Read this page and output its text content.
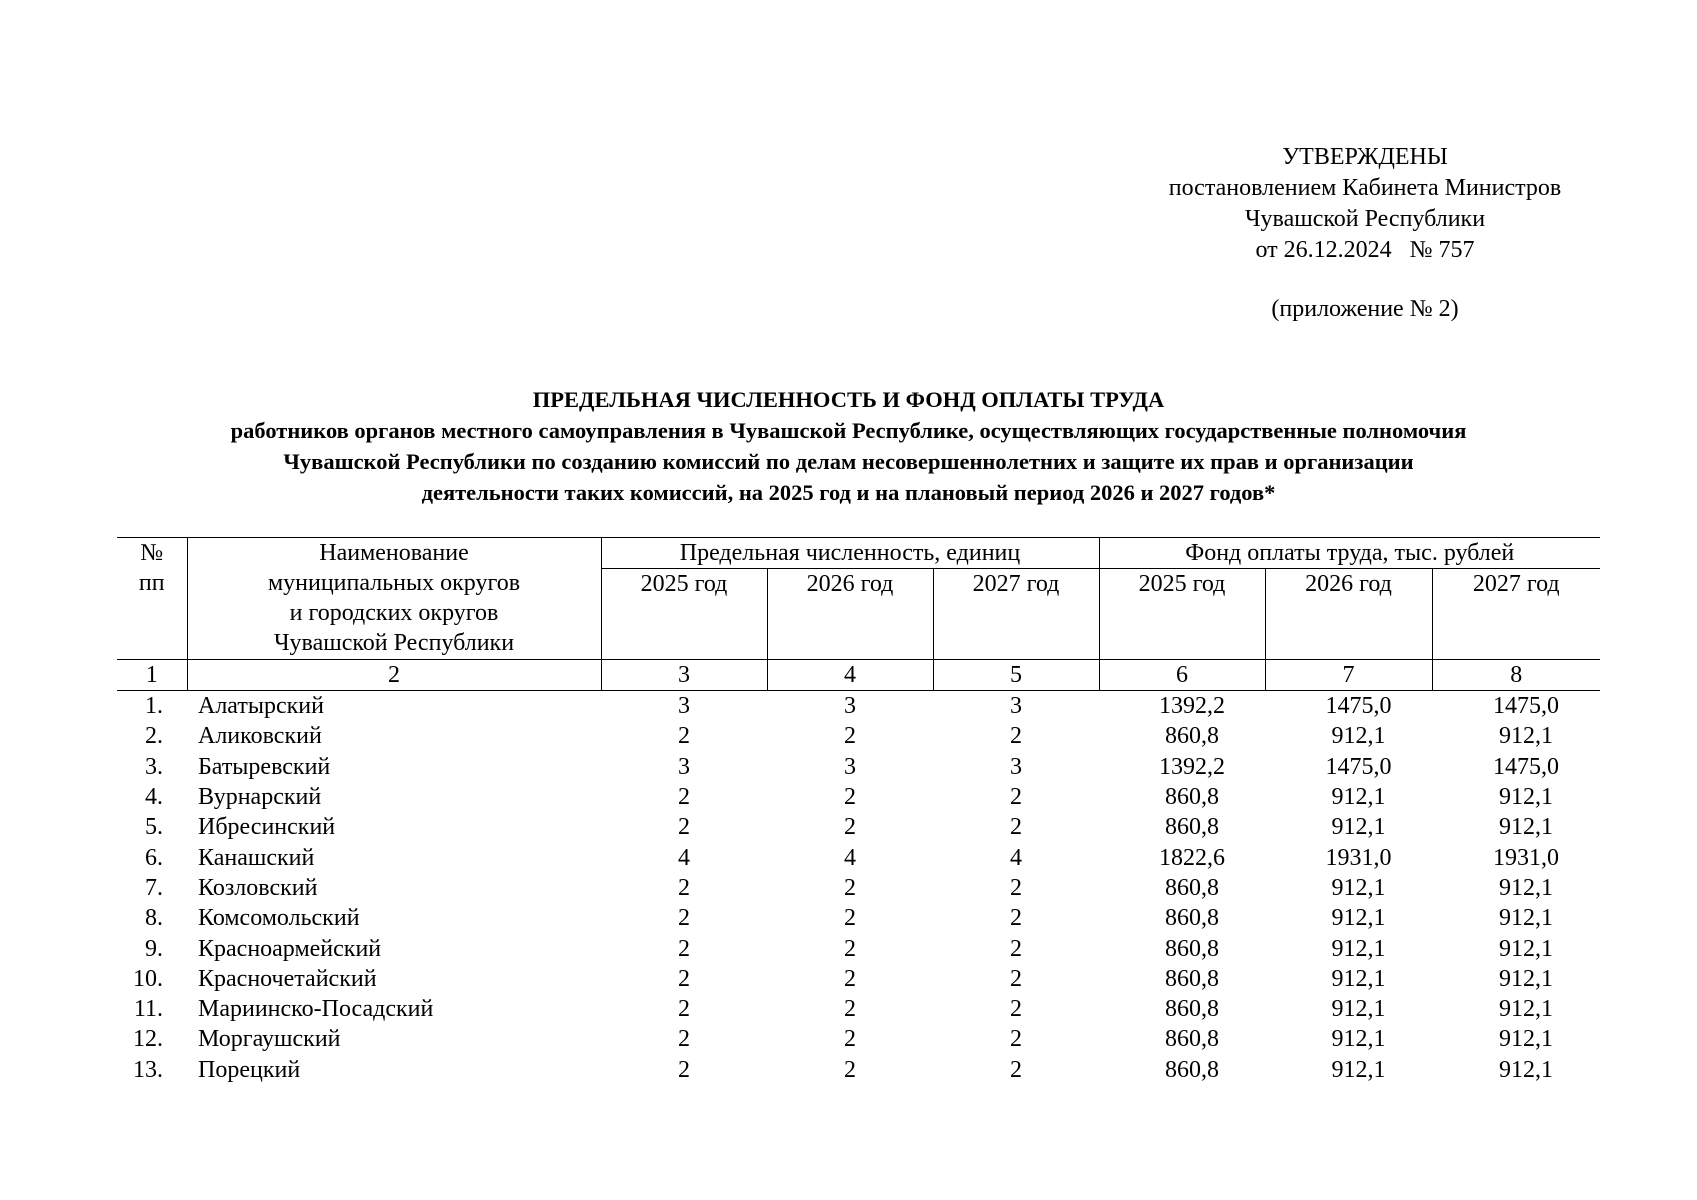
УТВЕРЖДЕНЫ
постановлением Кабинета Министров
Чувашской Республики
от 26.12.2024   № 757
(приложение № 2)
ПРЕДЕЛЬНАЯ ЧИСЛЕННОСТЬ И ФОНД ОПЛАТЫ ТРУДА
работников органов местного самоуправления в Чувашской Республике, осуществляющих государственные полномочия
Чувашской Республики по созданию комиссий по делам несовершеннолетних и защите их прав и организации
деятельности таких комиссий, на 2025 год и на плановый период 2026 и 2027 годов*
№
пп	Наименование
муниципальных округов
и городских округов
Чувашской Республики	Предельная численность, единиц			Фонд оплаты труда, тыс. рублей		
		2025 год	2026 год	2027 год	2025 год	2026 год	2027 год
1	2	3	4	5	6	7	8
1.	Алатырский	3	3	3	1392,2	1475,0	1475,0
2.	Аликовский	2	2	2	860,8	912,1	912,1
3.	Батыревский	3	3	3	1392,2	1475,0	1475,0
4.	Вурнарский	2	2	2	860,8	912,1	912,1
5.	Ибресинский	2	2	2	860,8	912,1	912,1
6.	Канашский	4	4	4	1822,6	1931,0	1931,0
7.	Козловский	2	2	2	860,8	912,1	912,1
8.	Комсомольский	2	2	2	860,8	912,1	912,1
9.	Красноармейский	2	2	2	860,8	912,1	912,1
10.	Красночетайский	2	2	2	860,8	912,1	912,1
11.	Мариинско-Посадский	2	2	2	860,8	912,1	912,1
12.	Моргаушский	2	2	2	860,8	912,1	912,1
13.	Порецкий	2	2	2	860,8	912,1	912,1
